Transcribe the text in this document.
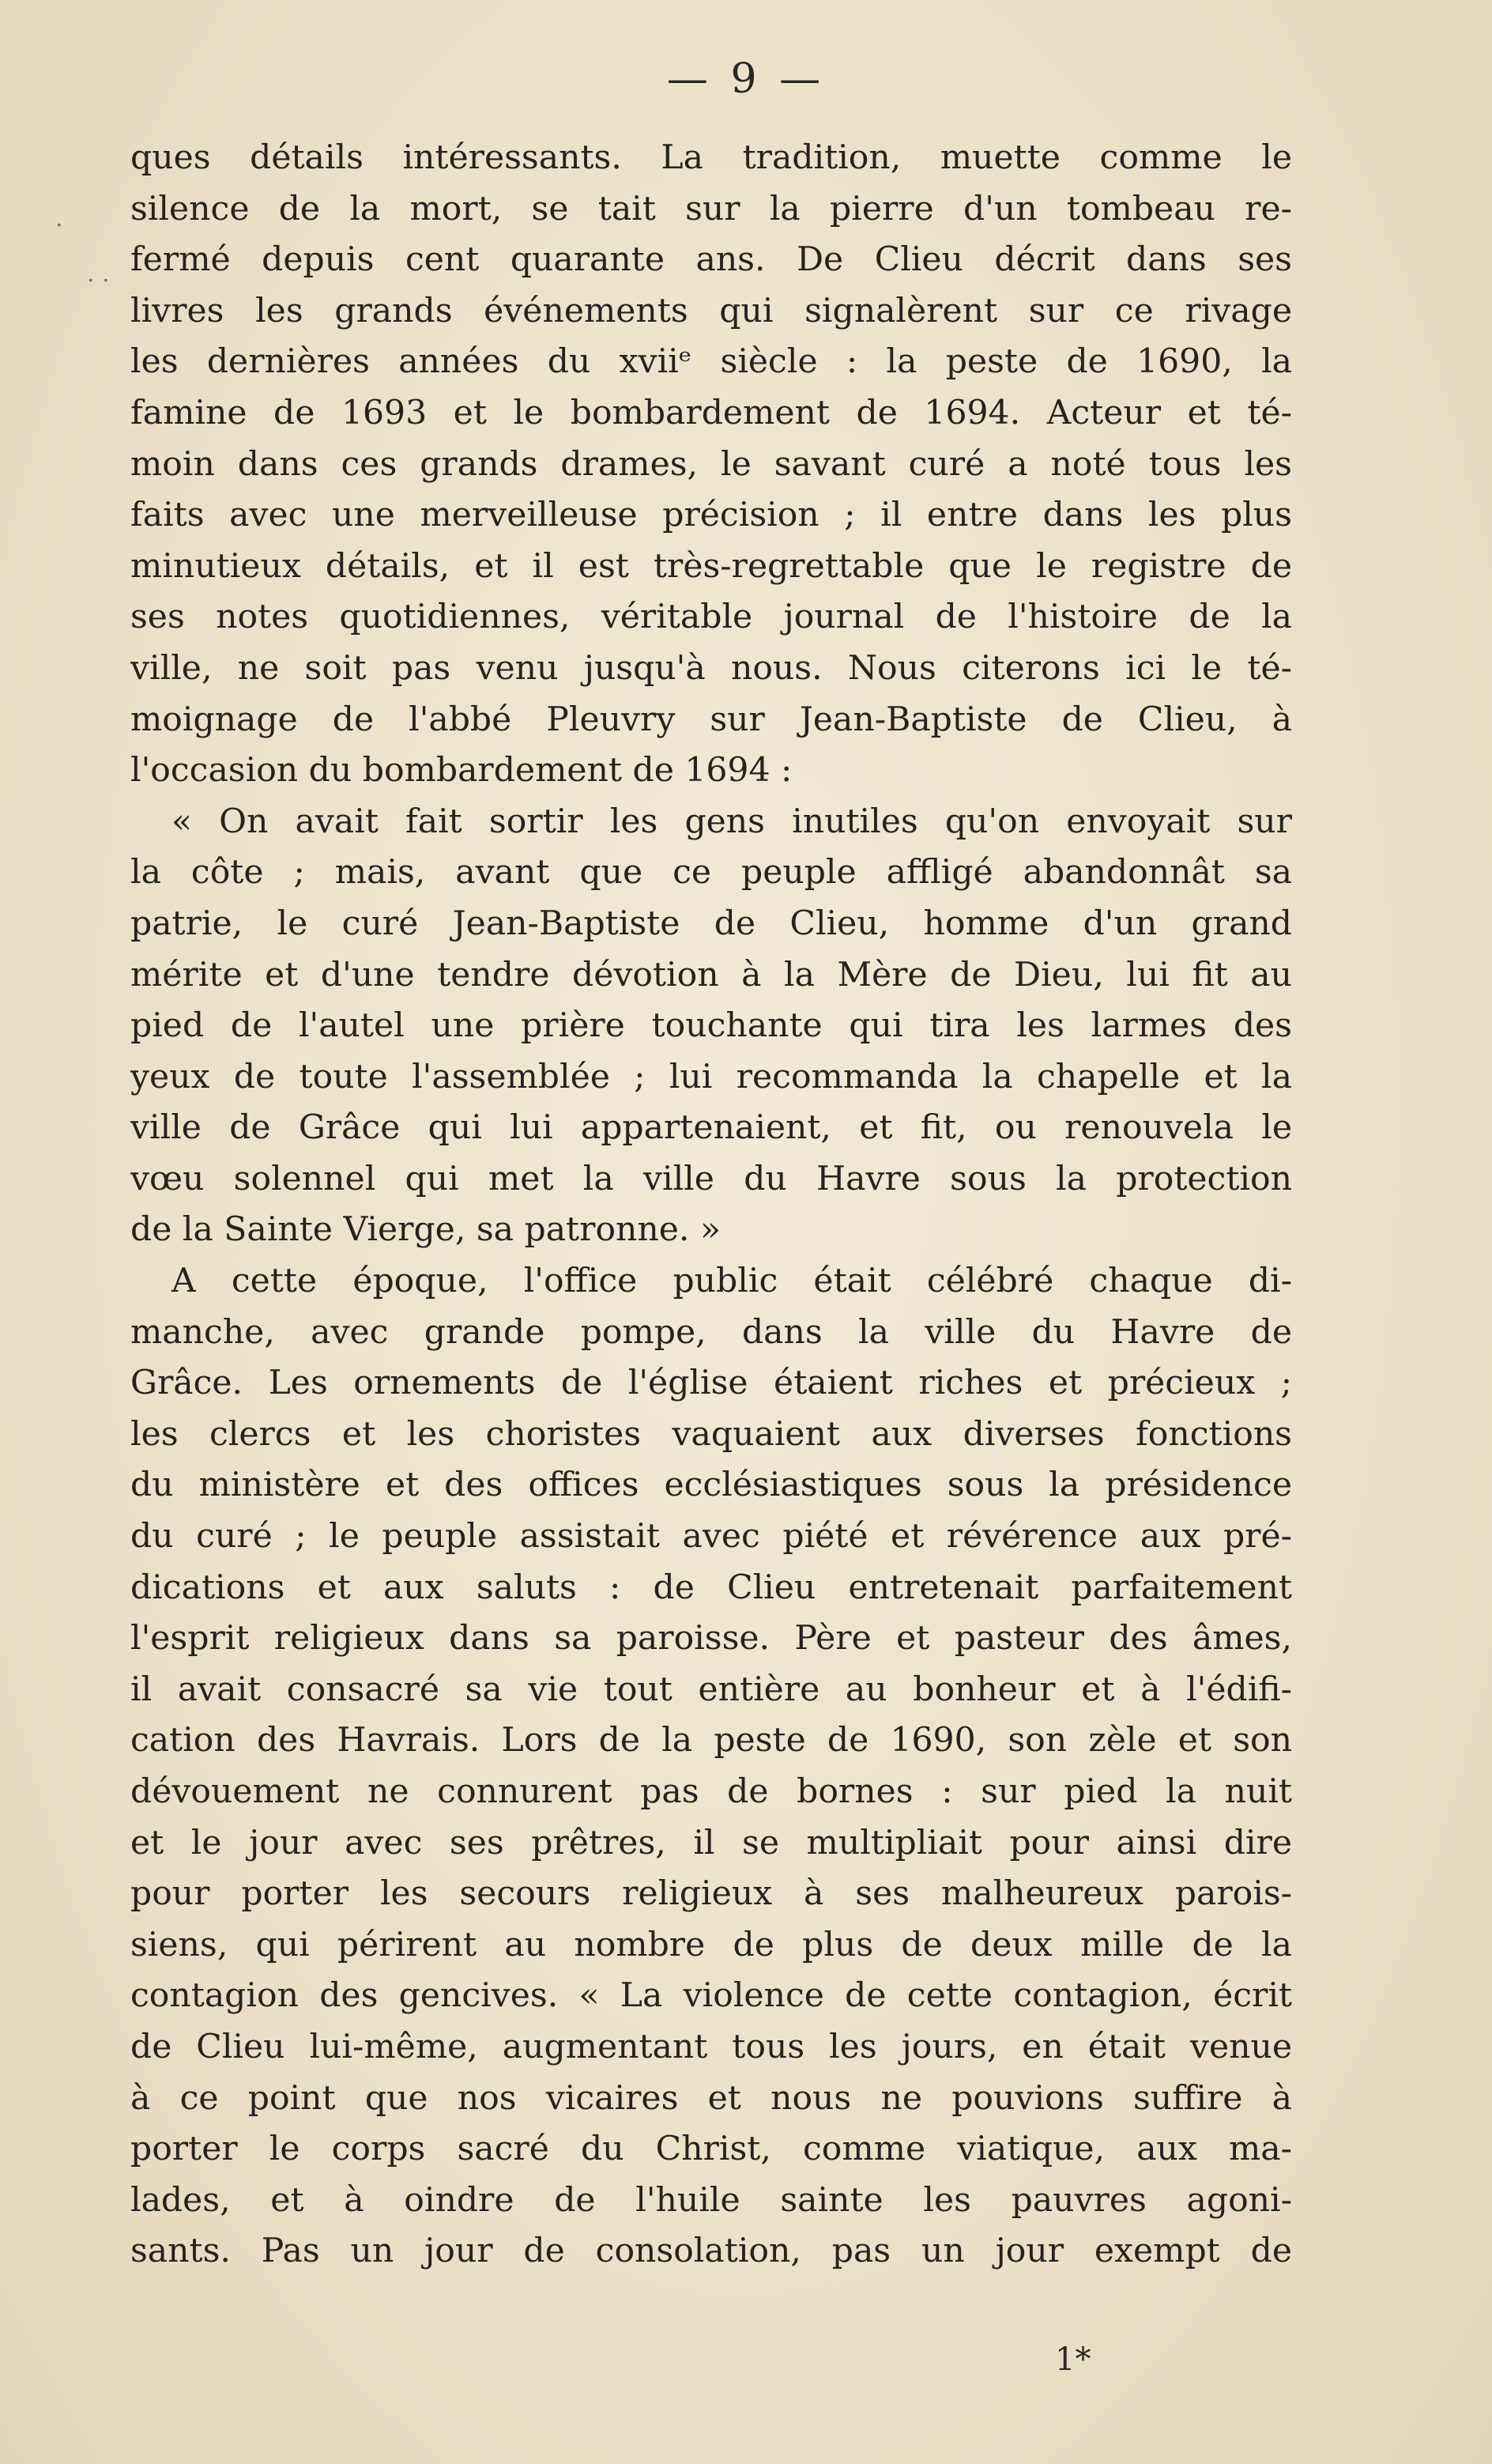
— 9 —
·
· ·
ques détails intéressants. La tradition, muette comme le
silence de la mort, se tait sur la pierre d'un tombeau re-
fermé depuis cent quarante ans. De Clieu décrit dans ses
livres les grands événements qui signalèrent sur ce rivage
les dernières années du xviiᵉ siècle : la peste de 1690, la
famine de 1693 et le bombardement de 1694. Acteur et té-
moin dans ces grands drames, le savant curé a noté tous les
faits avec une merveilleuse précision ; il entre dans les plus
minutieux détails, et il est très-regrettable que le registre de
ses notes quotidiennes, véritable journal de l'histoire de la
ville, ne soit pas venu jusqu'à nous. Nous citerons ici le té-
moignage de l'abbé Pleuvry sur Jean-Baptiste de Clieu, à
l'occasion du bombardement de 1694 :
« On avait fait sortir les gens inutiles qu'on envoyait sur
la côte ; mais, avant que ce peuple affligé abandonnât sa
patrie, le curé Jean-Baptiste de Clieu, homme d'un grand
mérite et d'une tendre dévotion à la Mère de Dieu, lui fit au
pied de l'autel une prière touchante qui tira les larmes des
yeux de toute l'assemblée ; lui recommanda la chapelle et la
ville de Grâce qui lui appartenaient, et fit, ou renouvela le
vœu solennel qui met la ville du Havre sous la protection
de la Sainte Vierge, sa patronne. »
A cette époque, l'office public était célébré chaque di-
manche, avec grande pompe, dans la ville du Havre de
Grâce. Les ornements de l'église étaient riches et précieux ;
les clercs et les choristes vaquaient aux diverses fonctions
du ministère et des offices ecclésiastiques sous la présidence
du curé ; le peuple assistait avec piété et révérence aux pré-
dications et aux saluts : de Clieu entretenait parfaitement
l'esprit religieux dans sa paroisse. Père et pasteur des âmes,
il avait consacré sa vie tout entière au bonheur et à l'édifi-
cation des Havrais. Lors de la peste de 1690, son zèle et son
dévouement ne connurent pas de bornes : sur pied la nuit
et le jour avec ses prêtres, il se multipliait pour ainsi dire
pour porter les secours religieux à ses malheureux parois-
siens, qui périrent au nombre de plus de deux mille de la
contagion des gencives. « La violence de cette contagion, écrit
de Clieu lui-même, augmentant tous les jours, en était venue
à ce point que nos vicaires et nous ne pouvions suffire à
porter le corps sacré du Christ, comme viatique, aux ma-
lades, et à oindre de l'huile sainte les pauvres agoni-
sants. Pas un jour de consolation, pas un jour exempt de
1*
